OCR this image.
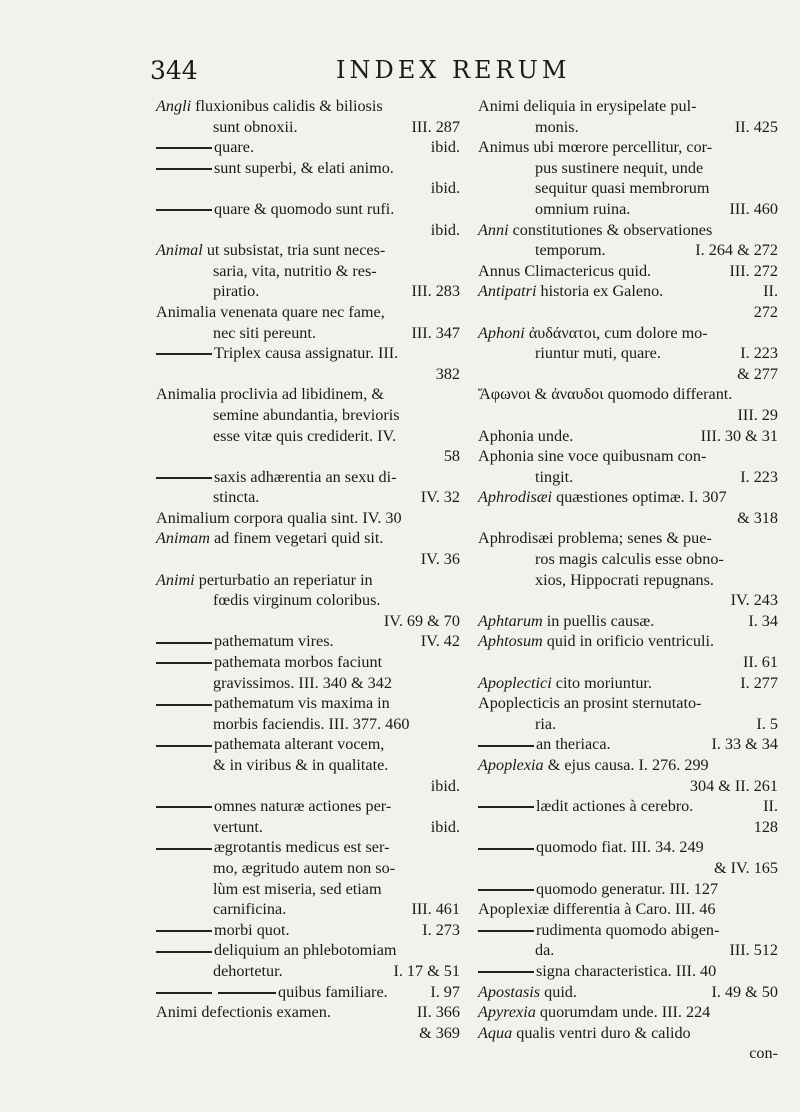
344	INDEX RERUM
Angli fluxionibus calidis & biliosis
sunt obnoxii.	III. 287
quare.	ibid.
sunt superbi, & elati animo.
ibid.
quare & quomodo sunt rufi.
ibid.
Animal ut subsistat, tria sunt neces-
saria, vita, nutritio & res-
piratio.	III. 283
Animalia venenata quare nec fame,
nec siti pereunt.	III. 347
Triplex causa assignatur. III.
382
Animalia proclivia ad libidinem, &
semine abundantia, brevioris
esse vitæ quis crediderit. IV.
58
saxis adhærentia an sexu di-
stincta.	IV. 32
Animalium corpora qualia sint. IV. 30
Animam ad finem vegetari quid sit.
IV. 36
Animi perturbatio an reperiatur in
fœdis virginum coloribus.
IV. 69 & 70
pathematum vires.	IV. 42
pathemata morbos faciunt
gravissimos. III. 340 & 342
pathematum vis maxima in
morbis faciendis. III. 377. 460
pathemata alterant vocem,
& in viribus & in qualitate.
ibid.
omnes naturæ actiones per-
vertunt.	ibid.
ægrotantis medicus est ser-
mo, ægritudo autem non so-
lùm est miseria, sed etiam
carnificina.	III. 461
morbi quot.	I. 273
deliquium an phlebotomiam
dehortetur.	I. 17 & 51
quibus familiare.	I. 97
Animi defectionis examen.	II. 366
& 369
Animi deliquia in erysipelate pul-
monis.	II. 425
Animus ubi mœrore percellitur, cor-
pus sustinere nequit, unde
sequitur quasi membrorum
omnium ruina.	III. 460
Anni constitutiones & observationes
temporum.	I. 264 & 272
Annus Climactericus quid.	III. 272
Antipatri historia ex Galeno.	II.
272
Aphoni ἀυδάνατοι, cum dolore mo-
riuntur muti, quare.	I. 223
& 277
Ἄφωνοι & ἀναυδοι quomodo differant.
III. 29
Aphonia unde.	III. 30 & 31
Aphonia sine voce quibusnam con-
tingit.	I. 223
Aphrodisæi quæstiones optimæ. I. 307
& 318
Aphrodisæi problema; senes & pue-
ros magis calculis esse obno-
xios, Hippocrati repugnans.
IV. 243
Aphtarum in puellis causæ.	I. 34
Aphtosum quid in orificio ventriculi.
II. 61
Apoplectici cito moriuntur.	I. 277
Apoplecticis an prosint sternutato-
ria.	I. 5
an theriaca.	I. 33 & 34
Apoplexia & ejus causa. I. 276. 299
304 & II. 261
lædit actiones à cerebro.	II.
128
quomodo fiat. III. 34. 249
& IV. 165
quomodo generatur. III. 127
Apoplexiæ differentia à Caro. III. 46
rudimenta quomodo abigen-
da.	III. 512
signa characteristica. III. 40
Apostasis quid.	I. 49 & 50
Apyrexia quorumdam unde. III. 224
Aqua qualis ventri duro & calido
con-
